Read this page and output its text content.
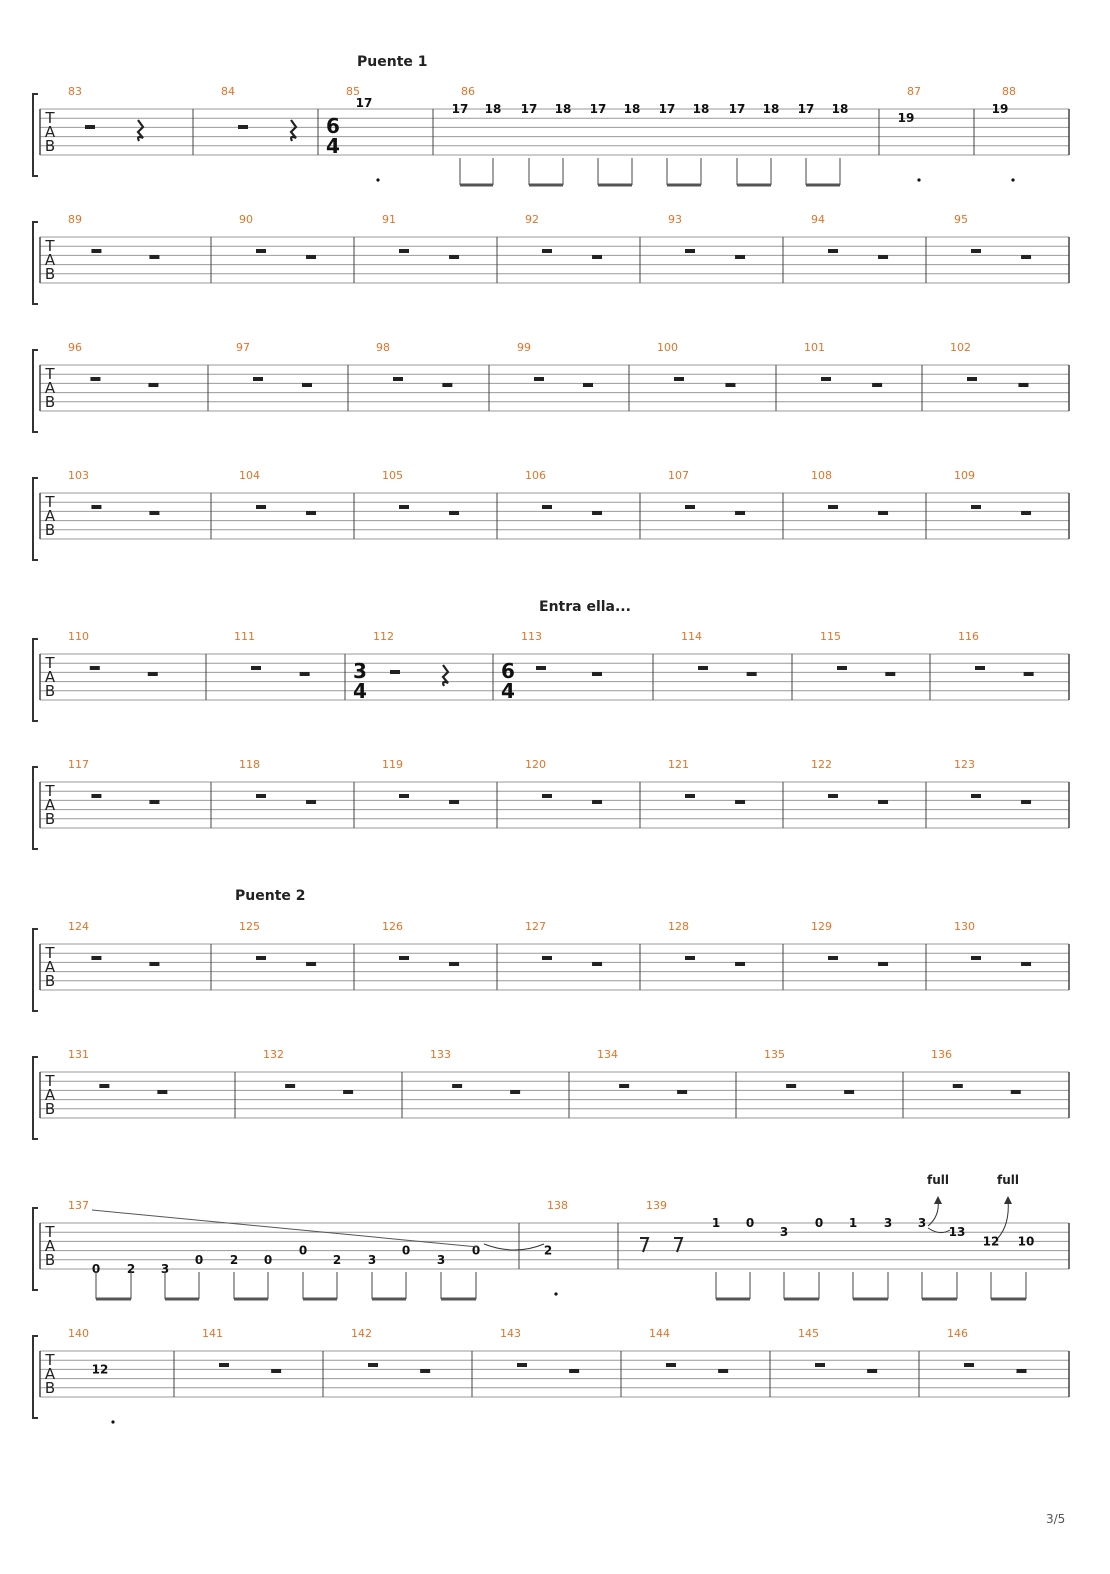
T
A
B
83	84	85
6
4
17
86
17 18 17 18 17 18 17 18 17 18 17 18
87
19
88
19
T
A
B
89	90	91	92	93	94	95
T
A
B
96	97	98	99	100	101	102
T
A
B
103	104	105	106	107	108	109
T
A
B
110	111	112
3
4
113
6
4
114	115	116
T
A
B
117	118	119	120	121	122	123
T
A
B
124	125	126	127	128	129	130
T
A
B
131	132	133	134	135	136
T
A
B
137
0 2 3
0 2 0
0
2 3
0
3
0
138
2
139
1 0
3
0 1 3 3
13
12 10
T
A
B
140
12
141	142	143	144	145	146
full	full
Puente 1
Entra ella...
Puente 2
3/5
